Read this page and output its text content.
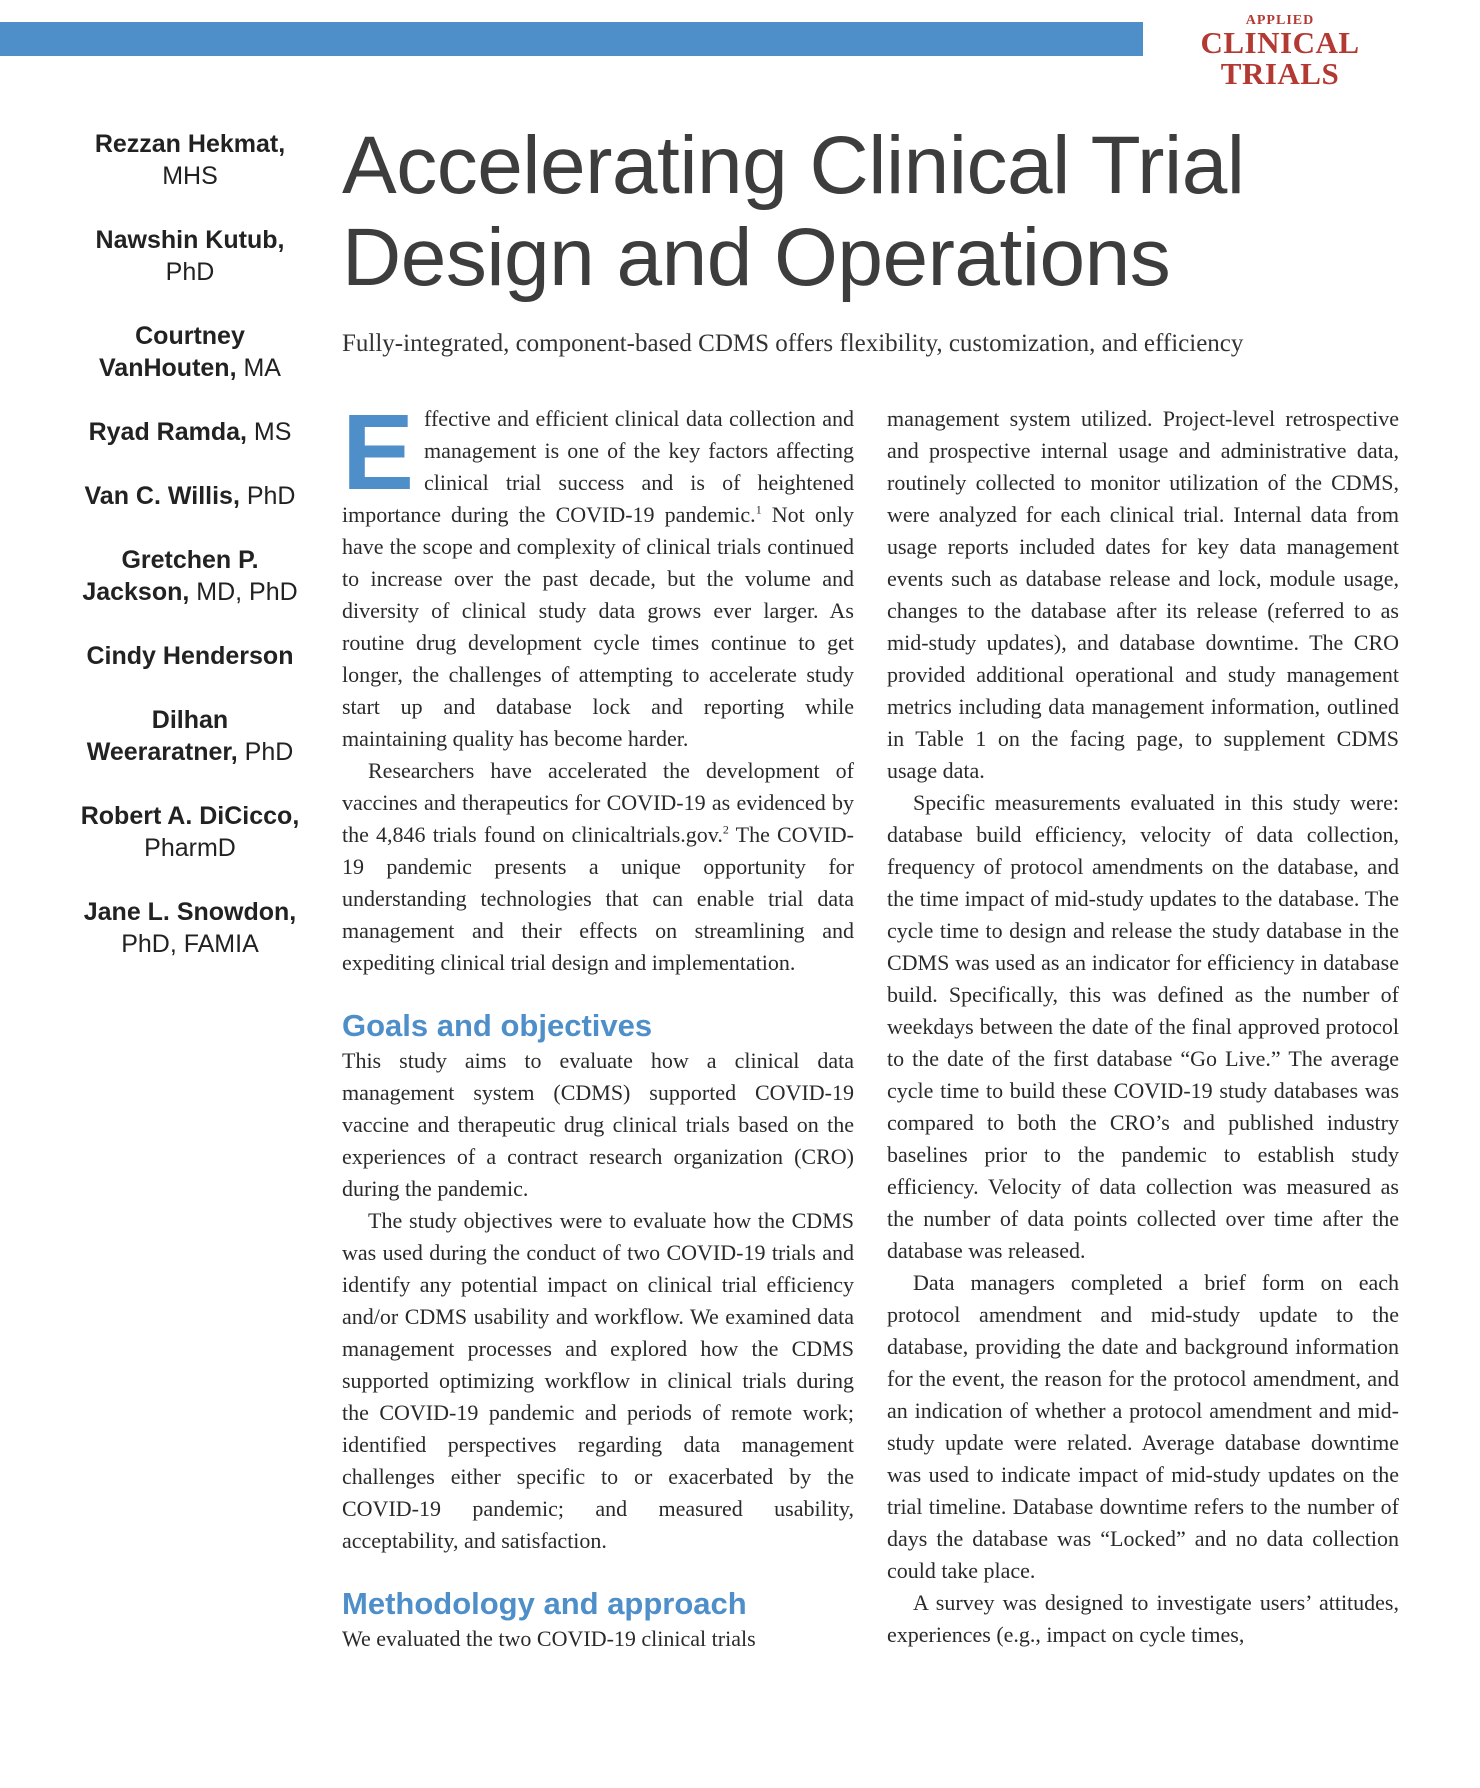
APPLIED
CLINICAL TRIALS
Rezzan Hekmat, MHS
Nawshin Kutub, PhD
Courtney VanHouten, MA
Ryad Ramda, MS
Van C. Willis, PhD
Gretchen P. Jackson, MD, PhD
Cindy Henderson
Dilhan Weeraratner, PhD
Robert A. DiCicco, PharmD
Jane L. Snowdon, PhD, FAMIA
Accelerating Clinical Trial Design and Operations
Fully-integrated, component-based CDMS offers flexibility, customization, and efficiency

Effective and efficient clinical data collection and management is one of the key factors affecting clinical trial success and is of heightened importance during the COVID-19 pandemic.$^1$ Not only have the scope and complexity of clinical trials continued to increase over the past decade, but the volume and diversity of clinical study data grows ever larger. As routine drug development cycle times continue to get longer, the challenges of attempting to accelerate study start up and database lock and reporting while maintaining quality has become harder.

Researchers have accelerated the development of vaccines and therapeutics for COVID-19 as evidenced by the 4,846 trials found on clinicaltrials.gov.$^2$ The COVID-19 pandemic presents a unique opportunity for understanding technologies that can enable trial data management and their effects on streamlining and expediting clinical trial design and implementation.

Goals and objectives

This study aims to evaluate how a clinical data management system (CDMS) supported COVID-19 vaccine and therapeutic drug clinical trials based on the experiences of a contract research organization (CRO) during the pandemic.

The study objectives were to evaluate how the CDMS was used during the conduct of two COVID-19 trials and identify any potential impact on clinical trial efficiency and/or CDMS usability and workflow. We examined data management processes and explored how the CDMS supported optimizing workflow in clinical trials during the COVID-19 pandemic and periods of remote work; identified perspectives regarding data management challenges either specific to or exacerbated by the COVID-19 pandemic; and measured usability, acceptability, and satisfaction.

Methodology and approach

We evaluated the two COVID-19 clinical trials

management system utilized. Project-level retrospective and prospective internal usage and administrative data, routinely collected to monitor utilization of the CDMS, were analyzed for each clinical trial. Internal data from usage reports included dates for key data management events such as database release and lock, module usage, changes to the database after its release (referred to as mid-study updates), and database downtime. The CRO provided additional operational and study management metrics including data management information, outlined in Table 1 on the facing page, to supplement CDMS usage data.

Specific measurements evaluated in this study were: database build efficiency, velocity of data collection, frequency of protocol amendments on the database, and the time impact of mid-study updates to the database. The cycle time to design and release the study database in the CDMS was used as an indicator for efficiency in database build. Specifically, this was defined as the number of weekdays between the date of the final approved protocol to the date of the first database “Go Live.” The average cycle time to build these COVID-19 study databases was compared to both the CRO’s and published industry baselines prior to the pandemic to establish study efficiency. Velocity of data collection was measured as the number of data points collected over time after the database was released.

Data managers completed a brief form on each protocol amendment and mid-study update to the database, providing the date and background information for the event, the reason for the protocol amendment, and an indication of whether a protocol amendment and mid-study update were related. Average database downtime was used to indicate impact of mid-study updates on the trial timeline. Database downtime refers to the number of days the database was “Locked” and no data collection could take place.

A survey was designed to investigate users’ attitudes, experiences (e.g., impact on cycle times,
